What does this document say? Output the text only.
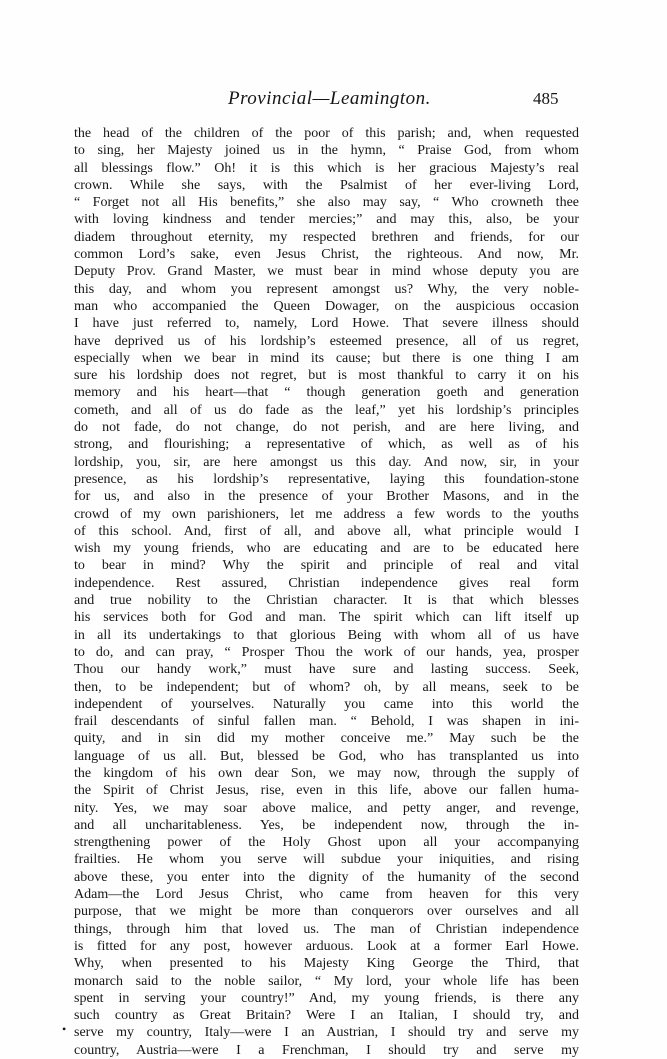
Provincial—Leamington.	485
the head of the children of the poor of this parish; and, when requested
to sing, her Majesty joined us in the hymn, “ Praise God, from whom
all blessings flow.” Oh! it is this which is her gracious Majesty’s real
crown. While she says, with the Psalmist of her ever-living Lord,
“ Forget not all His benefits,” she also may say, “ Who crowneth thee
with loving kindness and tender mercies;” and may this, also, be your
diadem throughout eternity, my respected brethren and friends, for our
common Lord’s sake, even Jesus Christ, the righteous. And now, Mr.
Deputy Prov. Grand Master, we must bear in mind whose deputy you are
this day, and whom you represent amongst us? Why, the very noble-
man who accompanied the Queen Dowager, on the auspicious occasion
I have just referred to, namely, Lord Howe. That severe illness should
have deprived us of his lordship’s esteemed presence, all of us regret,
especially when we bear in mind its cause; but there is one thing I am
sure his lordship does not regret, but is most thankful to carry it on his
memory and his heart—that “ though generation goeth and generation
cometh, and all of us do fade as the leaf,” yet his lordship’s principles
do not fade, do not change, do not perish, and are here living, and
strong, and flourishing; a representative of which, as well as of his
lordship, you, sir, are here amongst us this day. And now, sir, in your
presence, as his lordship’s representative, laying this foundation-stone
for us, and also in the presence of your Brother Masons, and in the
crowd of my own parishioners, let me address a few words to the youths
of this school. And, first of all, and above all, what principle would I
wish my young friends, who are educating and are to be educated here
to bear in mind? Why the spirit and principle of real and vital
independence. Rest assured, Christian independence gives real form
and true nobility to the Christian character. It is that which blesses
his services both for God and man. The spirit which can lift itself up
in all its undertakings to that glorious Being with whom all of us have
to do, and can pray, “ Prosper Thou the work of our hands, yea, prosper
Thou our handy work,” must have sure and lasting success. Seek,
then, to be independent; but of whom? oh, by all means, seek to be
independent of yourselves. Naturally you came into this world the
frail descendants of sinful fallen man. “ Behold, I was shapen in ini-
quity, and in sin did my mother conceive me.” May such be the
language of us all. But, blessed be God, who has transplanted us into
the kingdom of his own dear Son, we may now, through the supply of
the Spirit of Christ Jesus, rise, even in this life, above our fallen huma-
nity. Yes, we may soar above malice, and petty anger, and revenge,
and all uncharitableness. Yes, be independent now, through the in-
strengthening power of the Holy Ghost upon all your accompanying
frailties. He whom you serve will subdue your iniquities, and rising
above these, you enter into the dignity of the humanity of the second
Adam—the Lord Jesus Christ, who came from heaven for this very
purpose, that we might be more than conquerors over ourselves and all
things, through him that loved us. The man of Christian independence
is fitted for any post, however arduous. Look at a former Earl Howe.
Why, when presented to his Majesty King George the Third, that
monarch said to the noble sailor, “ My lord, your whole life has been
spent in serving your country!” And, my young friends, is there any
such country as Great Britain? Were I an Italian, I should try, and
serve my country, Italy—were I an Austrian, I should try and serve my
country, Austria—were I a Frenchman, I should try and serve my
•
